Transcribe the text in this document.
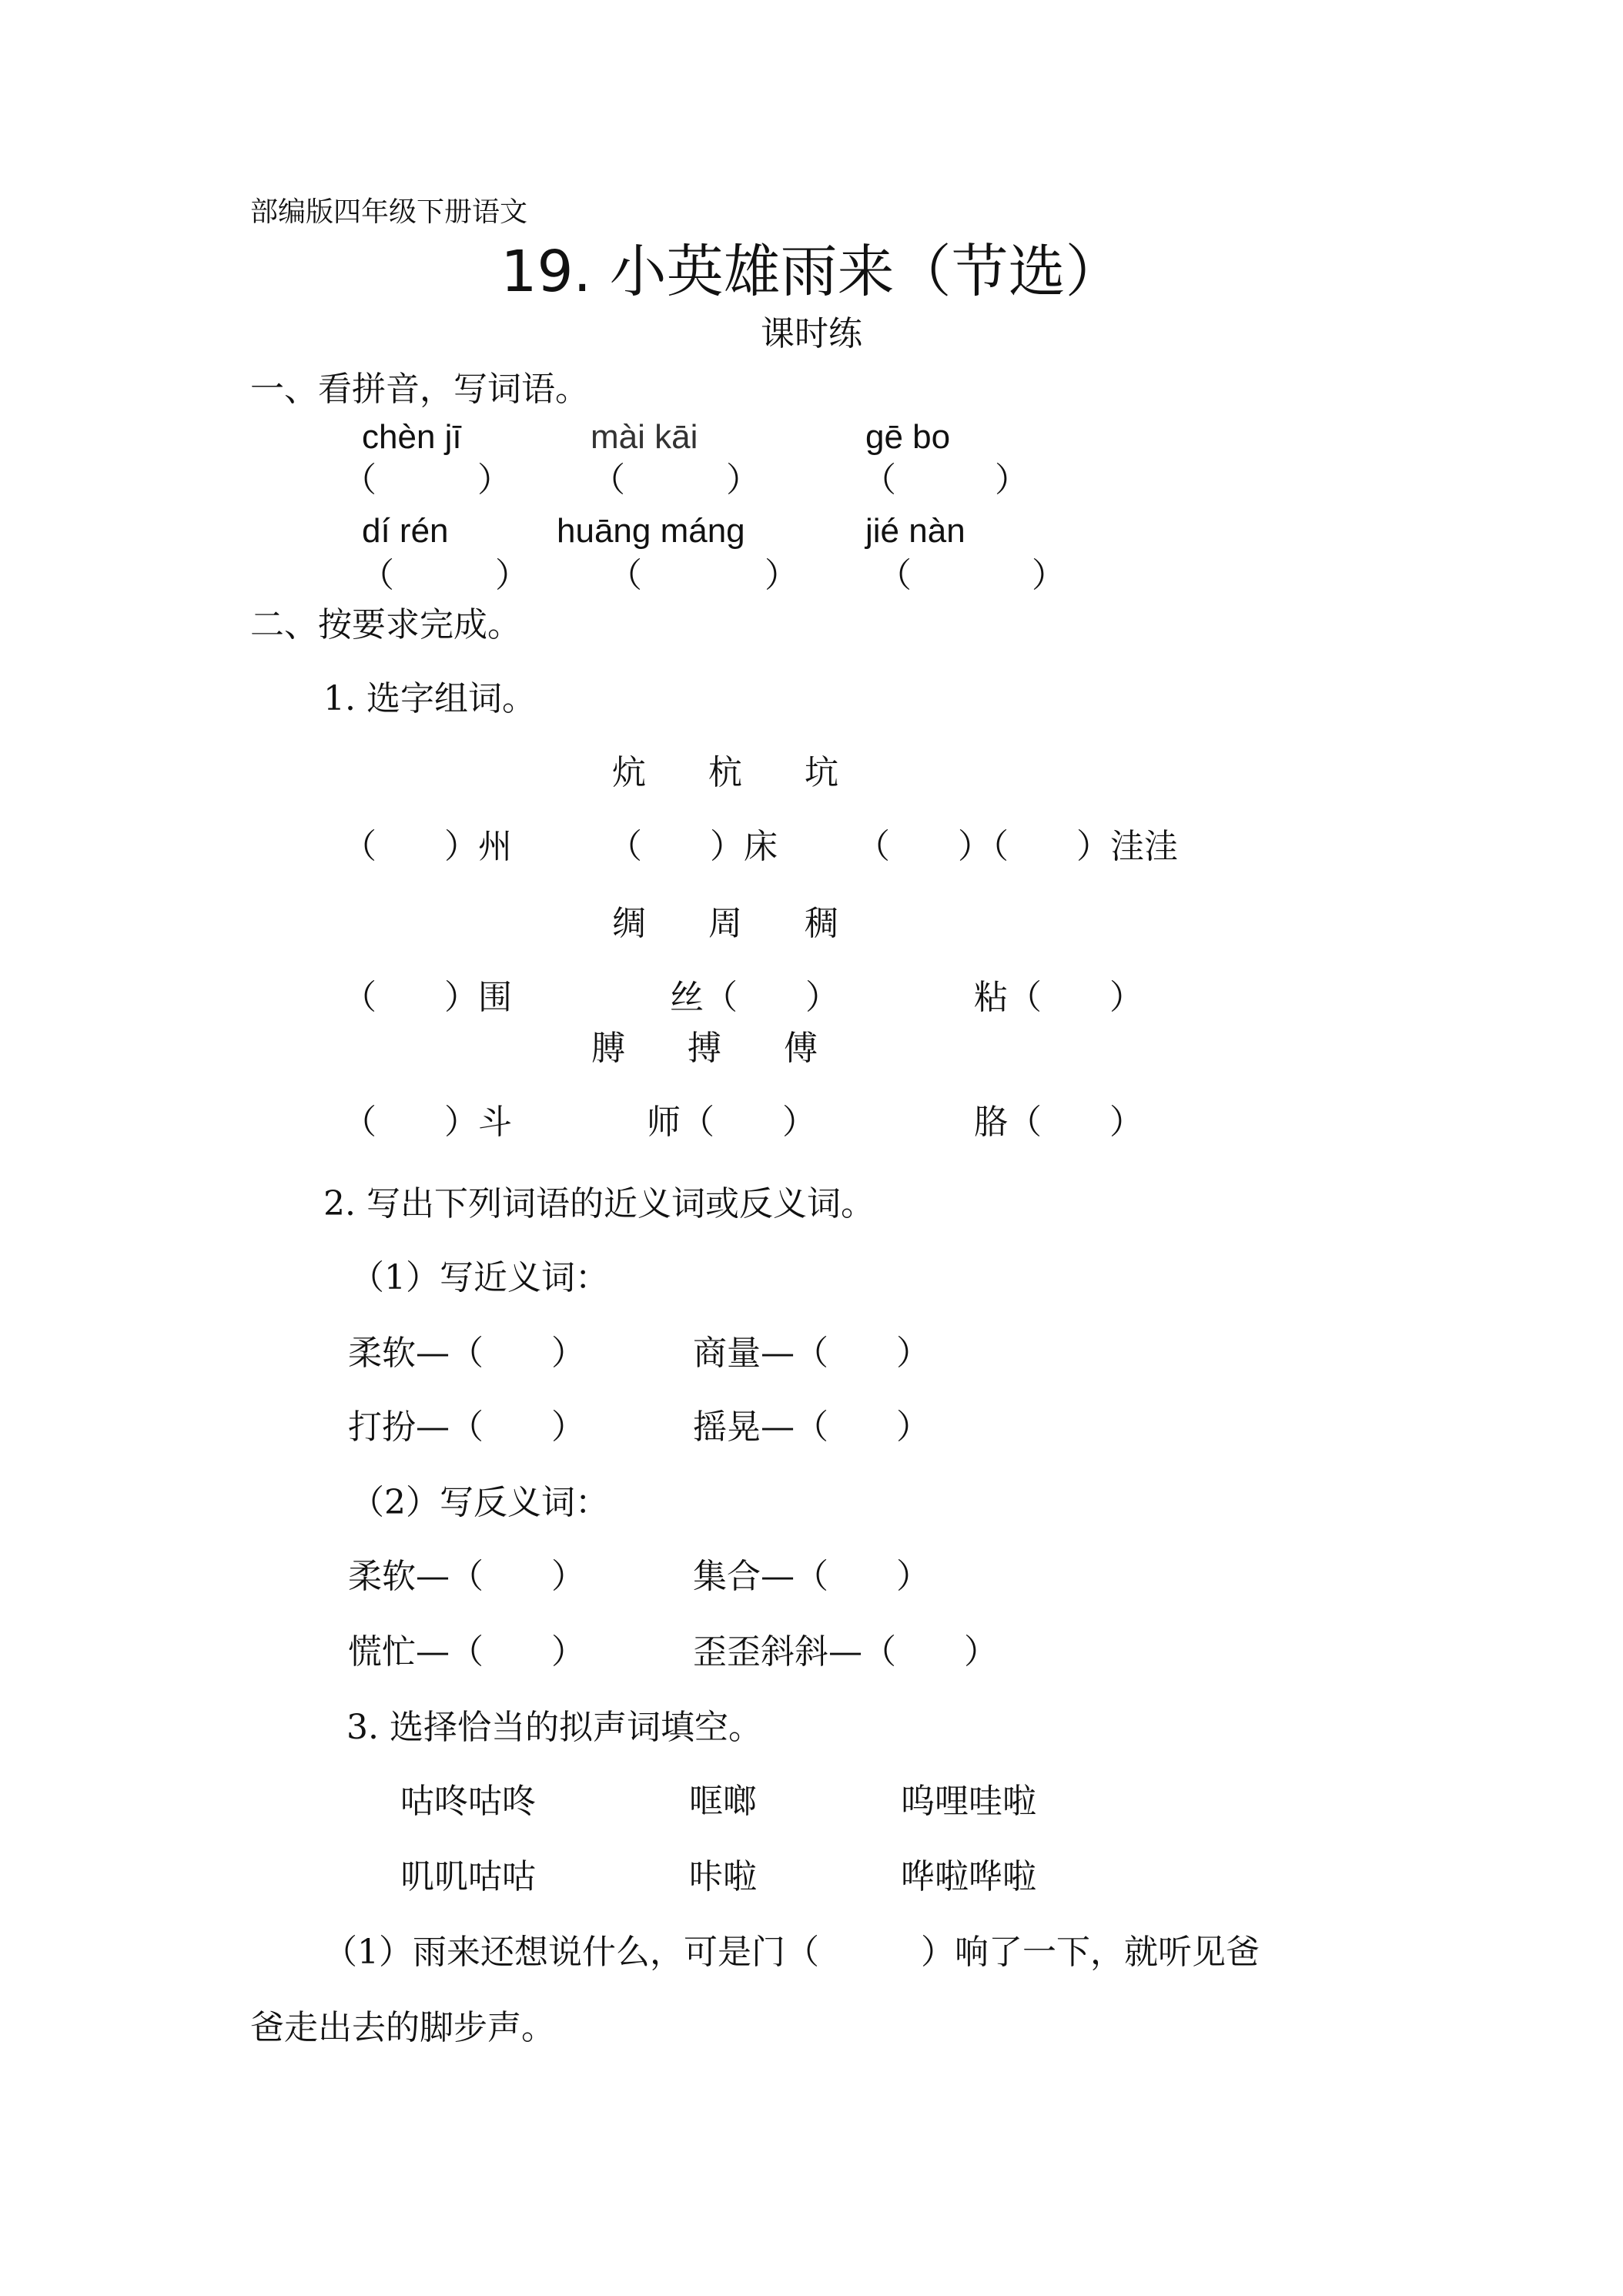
部编版四年级下册语文
19. 小英雄雨来（节选）
课时练
一、看拼音，写词语。
chèn jī	mài kāi	gē bo
（	） （	）	（	）
dí rén	huāng máng	jié nàn
（	） （	） （	）
二、按要求完成。
1. 选字组词。
炕 杭 坑
（　　）州	（　　）床 （　　）（　　）洼洼
绸 周 稠
（　　）围	丝（　　）	粘（　　）
膊 搏 傅
（　　）斗	师（　　）	胳（　　）
2. 写出下列词语的近义词或反义词。
（1）写近义词：
柔软—（　　）	商量—（　　）
打扮—（　　）	摇晃—（　　）
（2）写反义词：
柔软—（　　）	集合—（　　）
慌忙—（　　）	歪歪斜斜—（　　）
3. 选择恰当的拟声词填空。
咕咚咕咚	哐啷	呜哩哇啦
叽叽咕咕	咔啦	哗啦哗啦
（1）雨来还想说什么，可是门（　　　）响了一下，就听见爸
爸走出去的脚步声。
